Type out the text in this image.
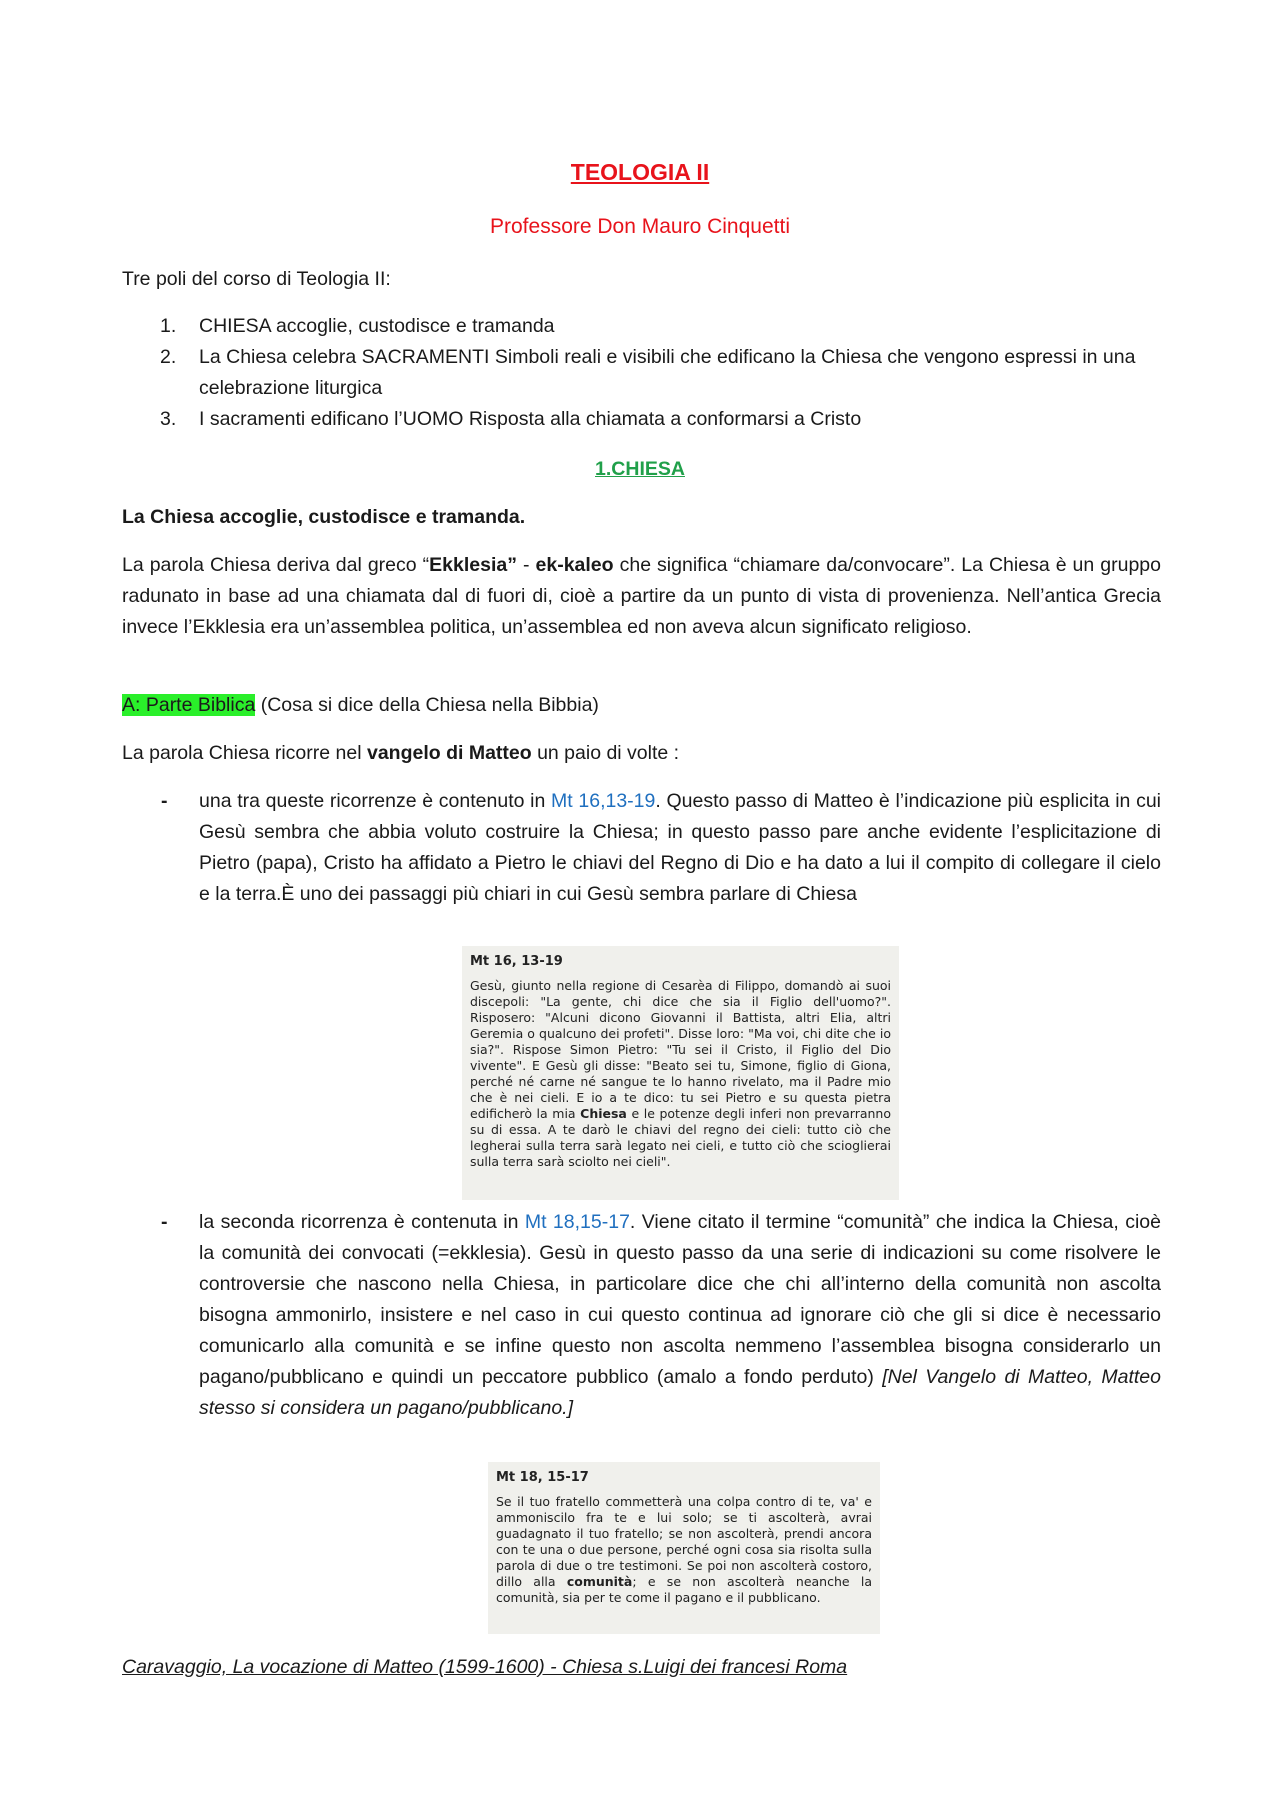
TEOLOGIA II
Professore Don Mauro Cinquetti
Tre poli del corso di Teologia II:
1. CHIESA accoglie, custodisce e tramanda
2. La Chiesa celebra SACRAMENTI Simboli reali e visibili che edificano la Chiesa che vengono espressi in una celebrazione liturgica
3. I sacramenti edificano l’UOMO Risposta alla chiamata a conformarsi a Cristo
1.CHIESA
La Chiesa accoglie, custodisce e tramanda.
La parola Chiesa deriva dal greco “Ekklesia” - ek-kaleo che significa “chiamare da/convocare”. La Chiesa è un gruppo radunato in base ad una chiamata dal di fuori di, cioè a partire da un punto di vista di provenienza. Nell’antica Grecia invece l’Ekklesia era un’assemblea politica, un’assemblea ed non aveva alcun significato religioso.
A: Parte Biblica (Cosa si dice della Chiesa nella Bibbia)
La parola Chiesa ricorre nel vangelo di Matteo un paio di volte :
- una tra queste ricorrenze è contenuto in Mt 16,13-19. Questo passo di Matteo è l’indicazione più esplicita in cui Gesù sembra che abbia voluto costruire la Chiesa; in questo passo pare anche evidente l’esplicitazione di Pietro (papa), Cristo ha affidato a Pietro le chiavi del Regno di Dio e ha dato a lui il compito di collegare il cielo e la terra.È uno dei passaggi più chiari in cui Gesù sembra parlare di Chiesa
Mt 16, 13-19

Gesù, giunto nella regione di Cesarèa di Filippo, domandò ai suoi discepoli: "La gente, chi dice che sia il Figlio dell'uomo?". Risposero: "Alcuni dicono Giovanni il Battista, altri Elia, altri Geremia o qualcuno dei profeti". Disse loro: "Ma voi, chi dite che io sia?". Rispose Simon Pietro: "Tu sei il Cristo, il Figlio del Dio vivente". E Gesù gli disse: "Beato sei tu, Simone, figlio di Giona, perché né carne né sangue te lo hanno rivelato, ma il Padre mio che è nei cieli. E io a te dico: tu sei Pietro e su questa pietra edificherò la mia Chiesa e le potenze degli inferi non prevarranno su di essa. A te darò le chiavi del regno dei cieli: tutto ciò che legherai sulla terra sarà legato nei cieli, e tutto ciò che scioglierai sulla terra sarà sciolto nei cieli".

- la seconda ricorrenza è contenuta in Mt 18,15-17. Viene citato il termine “comunità” che indica la Chiesa, cioè la comunità dei convocati (=ekklesia). Gesù in questo passo da una serie di indicazioni su come risolvere le controversie che nascono nella Chiesa, in particolare dice che chi all’interno della comunità non ascolta bisogna ammonirlo, insistere e nel caso in cui questo continua ad ignorare ciò che gli si dice è necessario comunicarlo alla comunità e se infine questo non ascolta nemmeno l’assemblea bisogna considerarlo un pagano/pubblicano e quindi un peccatore pubblico (amalo a fondo perduto) [Nel Vangelo di Matteo, Matteo stesso si considera un pagano/pubblicano.]
Mt 18, 15-17

Se il tuo fratello commetterà una colpa contro di te, va' e ammoniscilo fra te e lui solo; se ti ascolterà, avrai guadagnato il tuo fratello; se non ascolterà, prendi ancora con te una o due persone, perché ogni cosa sia risolta sulla parola di due o tre testimoni. Se poi non ascolterà costoro, dillo alla comunità; e se non ascolterà neanche la comunità, sia per te come il pagano e il pubblicano.

Caravaggio, La vocazione di Matteo (1599-1600) - Chiesa s.Luigi dei francesi Roma
